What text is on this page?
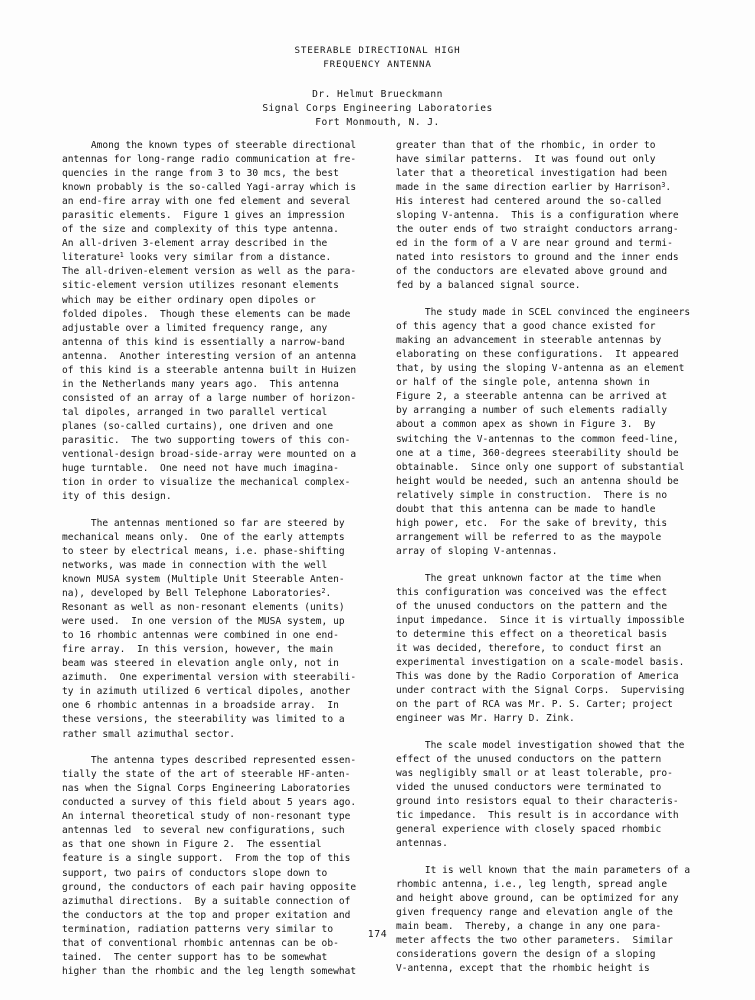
STEERABLE DIRECTIONAL HIGH
FREQUENCY ANTENNA
Dr. Helmut Brueckmann
Signal Corps Engineering Laboratories
Fort Monmouth, N. J.
Among the known types of steerable directional
antennas for long-range radio communication at fre-
quencies in the range from 3 to 30 mcs, the best
known probably is the so-called Yagi-array which is
an end-fire array with one fed element and several
parasitic elements.  Figure 1 gives an impression
of the size and complexity of this type antenna.
An all-driven 3-element array described in the
literature$^1$ looks very similar from a distance.
The all-driven-element version as well as the para-
sitic-element version utilizes resonant elements
which may be either ordinary open dipoles or
folded dipoles.  Though these elements can be made
adjustable over a limited frequency range, any
antenna of this kind is essentially a narrow-band
antenna.  Another interesting version of an antenna
of this kind is a steerable antenna built in Huizen
in the Netherlands many years ago.  This antenna
consisted of an array of a large number of horizon-
tal dipoles, arranged in two parallel vertical
planes (so-called curtains), one driven and one
parasitic.  The two supporting towers of this con-
ventional-design broad-side-array were mounted on a
huge turntable.  One need not have much imagina-
tion in order to visualize the mechanical complex-
ity of this design.
The antennas mentioned so far are steered by
mechanical means only.  One of the early attempts
to steer by electrical means, i.e. phase-shifting
networks, was made in connection with the well
known MUSA system (Multiple Unit Steerable Anten-
na), developed by Bell Telephone Laboratories$^2$.
Resonant as well as non-resonant elements (units)
were used.  In one version of the MUSA system, up
to 16 rhombic antennas were combined in one end-
fire array.  In this version, however, the main
beam was steered in elevation angle only, not in
azimuth.  One experimental version with steerabili-
ty in azimuth utilized 6 vertical dipoles, another
one 6 rhombic antennas in a broadside array.  In
these versions, the steerability was limited to a
rather small azimuthal sector.
The antenna types described represented essen-
tially the state of the art of steerable HF-anten-
nas when the Signal Corps Engineering Laboratories
conducted a survey of this field about 5 years ago.
An internal theoretical study of non-resonant type
antennas led  to several new configurations, such
as that one shown in Figure 2.  The essential
feature is a single support.  From the top of this
support, two pairs of conductors slope down to
ground, the conductors of each pair having opposite
azimuthal directions.  By a suitable connection of
the conductors at the top and proper exitation and
termination, radiation patterns very similar to
that of conventional rhombic antennas can be ob-
tained.  The center support has to be somewhat
higher than the rhombic and the leg length somewhat
greater than that of the rhombic, in order to
have similar patterns.  It was found out only
later that a theoretical investigation had been
made in the same direction earlier by Harrison$^3$.
His interest had centered around the so-called
sloping V-antenna.  This is a configuration where
the outer ends of two straight conductors arrang-
ed in the form of a V are near ground and termi-
nated into resistors to ground and the inner ends
of the conductors are elevated above ground and
fed by a balanced signal source.
The study made in SCEL convinced the engineers
of this agency that a good chance existed for
making an advancement in steerable antennas by
elaborating on these configurations.  It appeared
that, by using the sloping V-antenna as an element
or half of the single pole, antenna shown in
Figure 2, a steerable antenna can be arrived at
by arranging a number of such elements radially
about a common apex as shown in Figure 3.  By
switching the V-antennas to the common feed-line,
one at a time, 360-degrees steerability should be
obtainable.  Since only one support of substantial
height would be needed, such an antenna should be
relatively simple in construction.  There is no
doubt that this antenna can be made to handle
high power, etc.  For the sake of brevity, this
arrangement will be referred to as the maypole
array of sloping V-antennas.
The great unknown factor at the time when
this configuration was conceived was the effect
of the unused conductors on the pattern and the
input impedance.  Since it is virtually impossible
to determine this effect on a theoretical basis
it was decided, therefore, to conduct first an
experimental investigation on a scale-model basis.
This was done by the Radio Corporation of America
under contract with the Signal Corps.  Supervising
on the part of RCA was Mr. P. S. Carter; project
engineer was Mr. Harry D. Zink.
The scale model investigation showed that the
effect of the unused conductors on the pattern
was negligibly small or at least tolerable, pro-
vided the unused conductors were terminated to
ground into resistors equal to their characteris-
tic impedance.  This result is in accordance with
general experience with closely spaced rhombic
antennas.
It is well known that the main parameters of a
rhombic antenna, i.e., leg length, spread angle
and height above ground, can be optimized for any
given frequency range and elevation angle of the
main beam.  Thereby, a change in any one para-
meter affects the two other parameters.  Similar
considerations govern the design of a sloping
V-antenna, except that the rhombic height is
174
